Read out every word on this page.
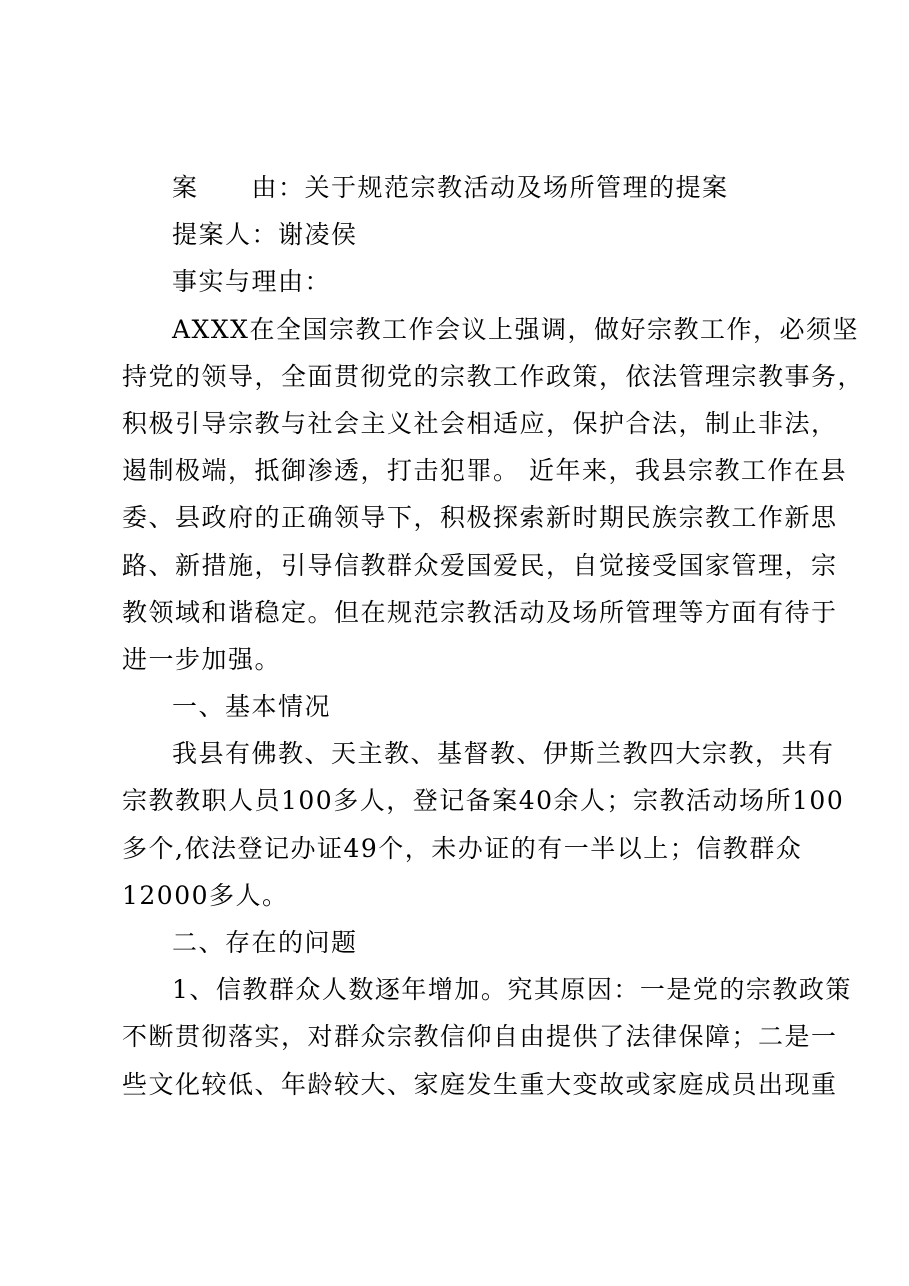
案　　由：关于规范宗教活动及场所管理的提案
提案人：谢凌侯
事实与理由：
AXXX在全国宗教工作会议上强调，做好宗教工作，必须坚
持党的领导，全面贯彻党的宗教工作政策，依法管理宗教事务，
积极引导宗教与社会主义社会相适应，保护合法，制止非法，
遏制极端，抵御渗透，打击犯罪。 近年来，我县宗教工作在县
委、县政府的正确领导下，积极探索新时期民族宗教工作新思
路、新措施，引导信教群众爱国爱民，自觉接受国家管理，宗
教领域和谐稳定。但在规范宗教活动及场所管理等方面有待于
进一步加强。
一、基本情况
我县有佛教、天主教、基督教、伊斯兰教四大宗教，共有
宗教教职人员100多人，登记备案40余人；宗教活动场所100
多个,依法登记办证49个，未办证的有一半以上；信教群众
12000多人。
二、存在的问题
1、信教群众人数逐年增加。究其原因：一是党的宗教政策
不断贯彻落实，对群众宗教信仰自由提供了法律保障；二是一
些文化较低、年龄较大、家庭发生重大变故或家庭成员出现重
